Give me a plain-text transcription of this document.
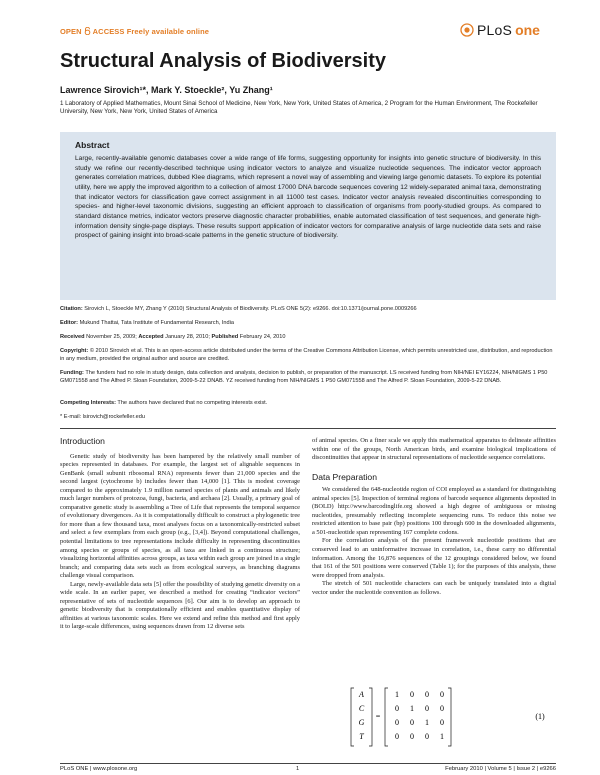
OPEN ACCESS Freely available online	PLoS one
Structural Analysis of Biodiversity
Lawrence Sirovich¹*, Mark Y. Stoeckle², Yu Zhang¹
1 Laboratory of Applied Mathematics, Mount Sinai School of Medicine, New York, New York, United States of America, 2 Program for the Human Environment, The Rockefeller University, New York, New York, United States of America
Abstract
Large, recently-available genomic databases cover a wide range of life forms, suggesting opportunity for insights into genetic structure of biodiversity. In this study we refine our recently-described technique using indicator vectors to analyze and visualize nucleotide sequences. The indicator vector approach generates correlation matrices, dubbed Klee diagrams, which represent a novel way of assembling and viewing large genomic datasets. To explore its potential utility, here we apply the improved algorithm to a collection of almost 17000 DNA barcode sequences covering 12 widely-separated animal taxa, demonstrating that indicator vectors for classification gave correct assignment in all 11000 test cases. Indicator vector analysis revealed discontinuities corresponding to species- and higher-level taxonomic divisions, suggesting an efficient approach to classification of organisms from poorly-studied groups. As compared to standard distance metrics, indicator vectors preserve diagnostic character probabilities, enable automated classification of test sequences, and generate high-information density single-page displays. These results support application of indicator vectors for comparative analysis of large nucleotide data sets and raise prospect of gaining insight into broad-scale patterns in the genetic structure of biodiversity.
Citation: Sirovich L, Stoeckle MY, Zhang Y (2010) Structural Analysis of Biodiversity. PLoS ONE 5(2): e9266. doi:10.1371/journal.pone.0009266
Editor: Mukund Thattai, Tata Institute of Fundamental Research, India
Received November 25, 2009; Accepted January 28, 2010; Published February 24, 2010
Copyright: © 2010 Sirovich et al. This is an open-access article distributed under the terms of the Creative Commons Attribution License, which permits unrestricted use, distribution, and reproduction in any medium, provided the original author and source are credited.
Funding: The funders had no role in study design, data collection and analysis, decision to publish, or preparation of the manuscript. LS received funding from NIH/NEI EY16224, NIH/NIGMS 1 P50 GM071558 and The Alfred P. Sloan Foundation, 2009-5-22 DNAB. YZ received funding from NIH/NIGMS 1 P50 GM071558 and The Alfred P. Sloan Foundation, 2009-5-22 DNAB.
Competing Interests: The authors have declared that no competing interests exist.
* E-mail: lsirovich@rockefeller.edu
Introduction

Genetic study of biodiversity has been hampered by the relatively small number of species represented in databases. For example, the largest set of alignable sequences in GenBank (small subunit ribosomal RNA) represents fewer than 21,000 species and the second largest (cytochrome b) includes fewer than 14,000 [1]. This is modest coverage compared to the approximately 1.9 million named species of plants and animals and likely much larger numbers of protozoa, fungi, bacteria, and archaea [2]. Usually, a primary goal of comparative genetic study is assembling a Tree of Life that represents the temporal sequence of evolutionary divergences. As it is computationally difficult to construct a phylogenetic tree for more than a few thousand taxa, most analyses focus on a taxonomically-restricted subset and select a few exemplars from each group (e.g., [3,4]). Beyond computational challenges, potential limitations to tree representations include difficulty in representing discontinuities among species or groups of species, as all taxa are linked in a continuous structure; visualizing horizontal affinities across groups, as taxa within each group are joined in a single branch; and comparing data sets such as from ecological surveys, as branching diagrams challenge visual comparison.

Large, newly-available data sets [5] offer the possibility of studying genetic diversity on a wide scale. In an earlier paper, we described a method for creating “indicator vectors” representative of sets of nucleotide sequences [6]. Our aim is to develop an approach to genetic biodiversity that is computationally efficient and enables quantitative display of affinities at various taxonomic scales. Here we extend and refine this method and first apply it to large-scale differences, using sequences drawn from 12 diverse sets

of animal species. On a finer scale we apply this mathematical apparatus to delineate affinities within one of the groups, North American birds, and examine biological implications of discontinuities that appear in structural representations of nucleotide sequence correlations.

Data Preparation

We considered the 648-nucleotide region of COI employed as a standard for distinguishing animal species [5]. Inspection of terminal regions of barcode sequence alignments deposited in (BOLD) http://www.barcodinglife.org showed a high degree of ambiguous or missing nucleotides, presumably reflecting incomplete sequencing runs. To reduce this noise we restricted attention to base pair (bp) positions 100 through 600 in the downloaded alignments, a 501-nucleotide span representing 167 complete codons.

For the correlation analysis of the present framework nucleotide positions that are conserved lead to an uninformative increase in correlation, i.e., these carry no differential information. Among the 16,876 sequences of the 12 groupings considered below, we found that 161 of the 501 positions were conserved (Table 1); for the purposes of this analysis, these were dropped from analysis.

The stretch of 501 nucleotide characters can each be uniquely translated into a digital vector under the nucleotide convention as follows.

A
C
G
T
=
1 0 0 0
0 1 0 0
0 0 1 0
0 0 0 1
(1)
PLoS ONE | www.plosone.org	1	February 2010 | Volume 5 | Issue 2 | e9266
